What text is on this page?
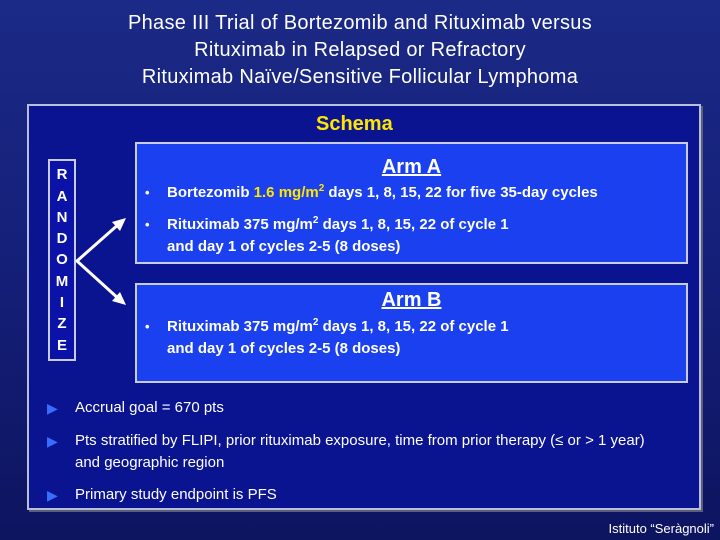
Phase III Trial of Bortezomib and Rituximab versus
Rituximab in Relapsed or Refractory
Rituximab Naïve/Sensitive Follicular Lymphoma
Schema
R
A
N
D
O
M
I
Z
E
Arm A
•	Bortezomib 1.6 $mg/m^2$ days 1, 8, 15, 22 for five 35-day cycles
•	Rituximab 375 $mg/m^2$ days 1, 8, 15, 22 of cycle 1
and day 1 of cycles 2-5 (8 doses)
Arm B
•	Rituximab 375 $mg/m^2$ days 1, 8, 15, 22 of cycle 1
and day 1 of cycles 2-5 (8 doses)
▶	Accrual goal = 670 pts
▶	Pts stratified by FLIPI, prior rituximab exposure, time from prior therapy (≤ or > 1 year) and geographic region
▶	Primary study endpoint is PFS
Istituto “Seràgnoli”
